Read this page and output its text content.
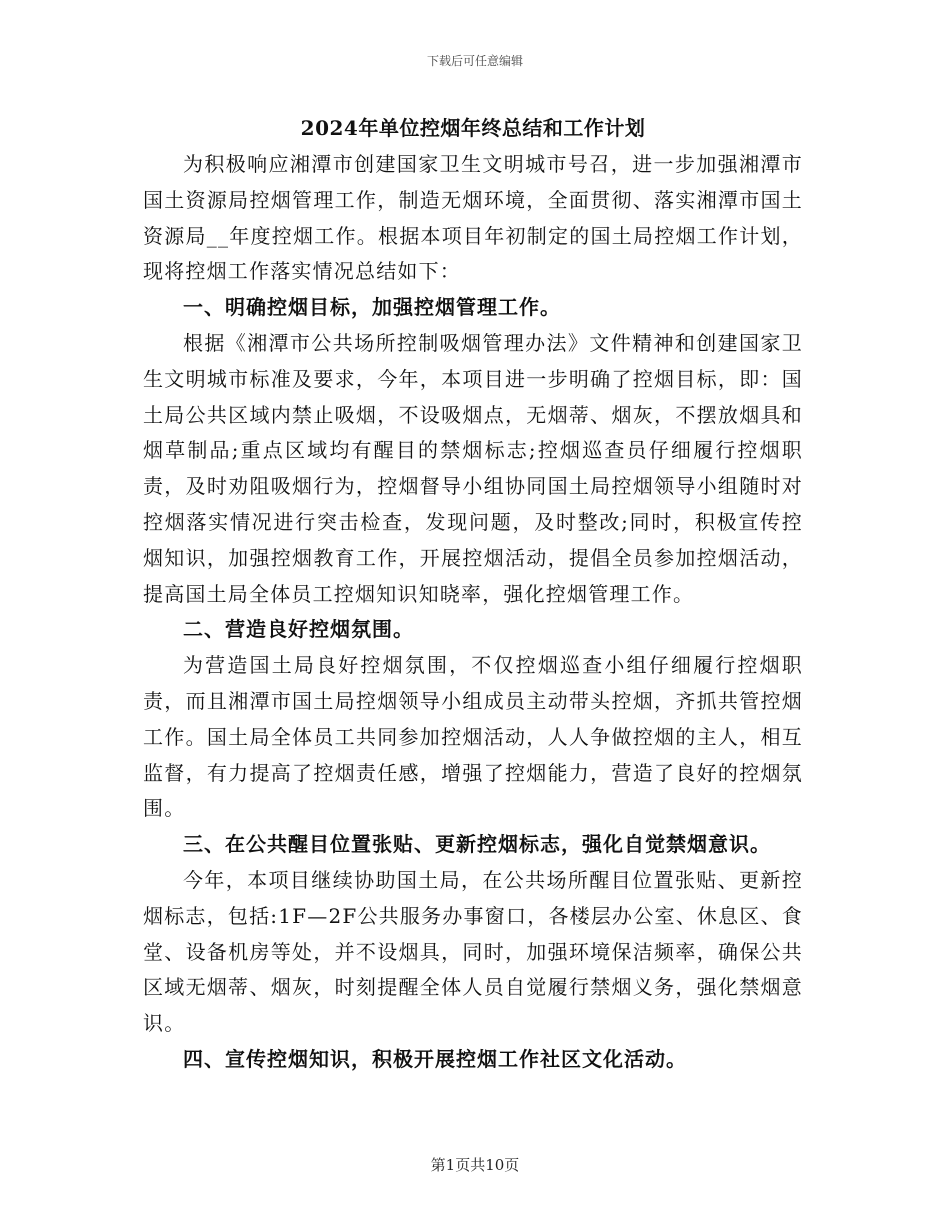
下载后可任意编辑
2024年单位控烟年终总结和工作计划

为积极响应湘潭市创建国家卫生文明城市号召，进一步加强湘潭市国土资源局控烟管理工作，制造无烟环境，全面贯彻、落实湘潭市国土资源局__年度控烟工作。根据本项目年初制定的国土局控烟工作计划，现将控烟工作落实情况总结如下：

一、明确控烟目标，加强控烟管理工作。

根据《湘潭市公共场所控制吸烟管理办法》文件精神和创建国家卫生文明城市标准及要求，今年，本项目进一步明确了控烟目标，即：国土局公共区域内禁止吸烟，不设吸烟点，无烟蒂、烟灰，不摆放烟具和烟草制品;重点区域均有醒目的禁烟标志;控烟巡查员仔细履行控烟职责，及时劝阻吸烟行为，控烟督导小组协同国土局控烟领导小组随时对控烟落实情况进行突击检查，发现问题，及时整改;同时，积极宣传控烟知识，加强控烟教育工作，开展控烟活动，提倡全员参加控烟活动，提高国土局全体员工控烟知识知晓率，强化控烟管理工作。

二、营造良好控烟氛围。

为营造国土局良好控烟氛围，不仅控烟巡查小组仔细履行控烟职责，而且湘潭市国土局控烟领导小组成员主动带头控烟，齐抓共管控烟工作。国土局全体员工共同参加控烟活动，人人争做控烟的主人，相互监督，有力提高了控烟责任感，增强了控烟能力，营造了良好的控烟氛围。

三、在公共醒目位置张贴、更新控烟标志，强化自觉禁烟意识。

今年，本项目继续协助国土局，在公共场所醒目位置张贴、更新控烟标志，包括:1F—2F公共服务办事窗口，各楼层办公室、休息区、食堂、设备机房等处，并不设烟具，同时，加强环境保洁频率，确保公共区域无烟蒂、烟灰，时刻提醒全体人员自觉履行禁烟义务，强化禁烟意识。

四、宣传控烟知识，积极开展控烟工作社区文化活动。

第1页共10页
